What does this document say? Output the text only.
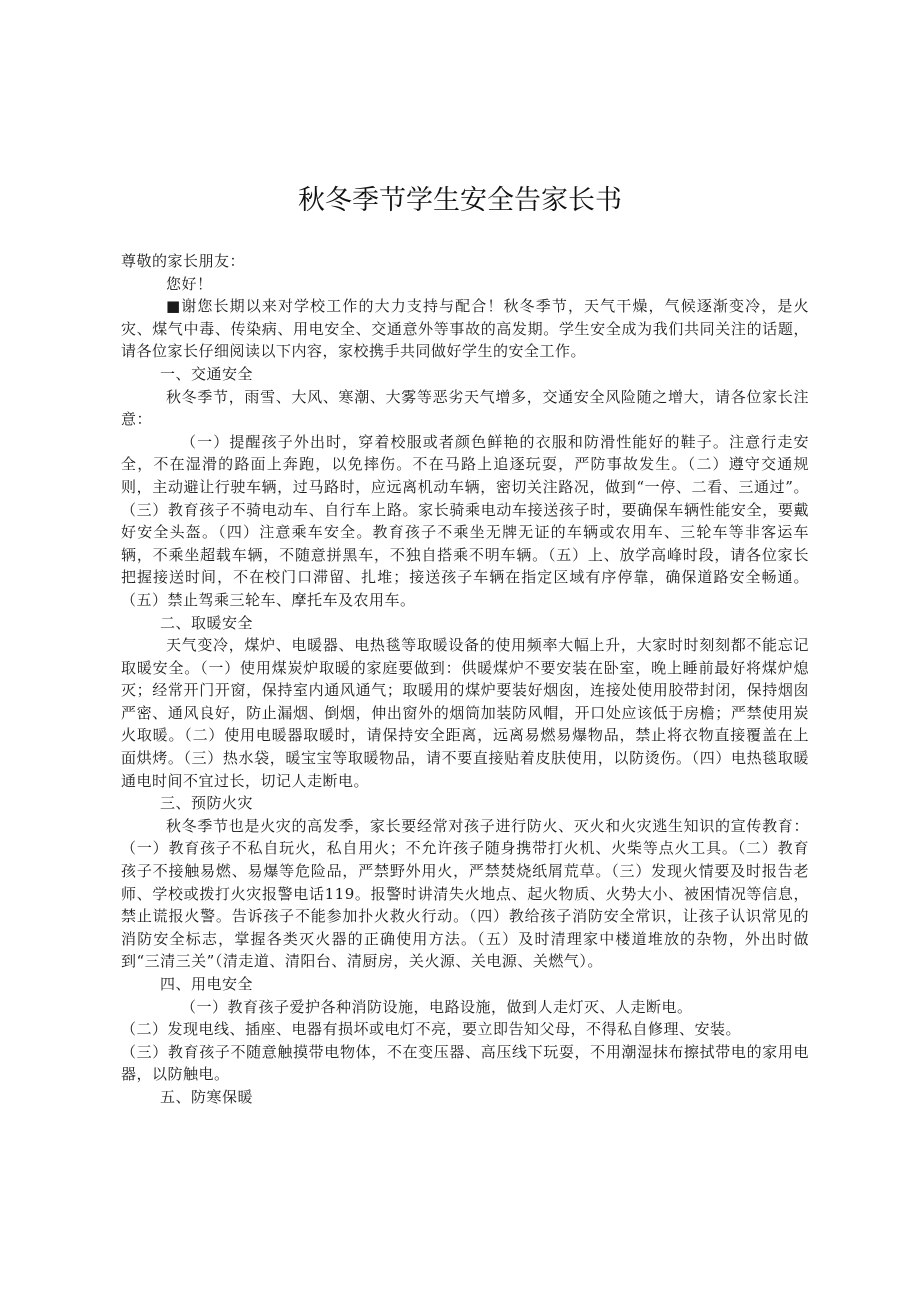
秋冬季节学生安全告家长书

尊敬的家长朋友：

您好！

■谢您长期以来对学校工作的大力支持与配合！秋冬季节，天气干燥，气候逐渐变冷，是火灾、煤气中毒、传染病、用电安全、交通意外等事故的高发期。学生安全成为我们共同关注的话题，请各位家长仔细阅读以下内容，家校携手共同做好学生的安全工作。

一、交通安全

秋冬季节，雨雪、大风、寒潮、大雾等恶劣天气增多，交通安全风险随之增大，请各位家长注意：

（一）提醒孩子外出时，穿着校服或者颜色鲜艳的衣服和防滑性能好的鞋子。注意行走安全，不在湿滑的路面上奔跑，以免摔伤。不在马路上追逐玩耍，严防事故发生。（二）遵守交通规则，主动避让行驶车辆，过马路时，应远离机动车辆，密切关注路况，做到“一停、二看、三通过”。（三）教育孩子不骑电动车、自行车上路。家长骑乘电动车接送孩子时，要确保车辆性能安全，要戴好安全头盔。（四）注意乘车安全。教育孩子不乘坐无牌无证的车辆或农用车、三轮车等非客运车辆，不乘坐超载车辆，不随意拼黑车，不独自搭乘不明车辆。（五）上、放学高峰时段，请各位家长把握接送时间，不在校门口滞留、扎堆；接送孩子车辆在指定区域有序停靠，确保道路安全畅通。（五）禁止驾乘三轮车、摩托车及农用车。

二、取暖安全

天气变冷，煤炉、电暖器、电热毯等取暖设备的使用频率大幅上升，大家时时刻刻都不能忘记取暖安全。（一）使用煤炭炉取暖的家庭要做到：供暖煤炉不要安装在卧室，晚上睡前最好将煤炉熄灭；经常开门开窗，保持室内通风通气；取暖用的煤炉要装好烟囱，连接处使用胶带封闭，保持烟囱严密、通风良好，防止漏烟、倒烟，伸出窗外的烟筒加装防风帽，开口处应该低于房檐；严禁使用炭火取暖。（二）使用电暖器取暖时，请保持安全距离，远离易燃易爆物品，禁止将衣物直接覆盖在上面烘烤。（三）热水袋，暖宝宝等取暖物品，请不要直接贴着皮肤使用，以防烫伤。（四）电热毯取暖通电时间不宜过长，切记人走断电。

三、预防火灾

秋冬季节也是火灾的高发季，家长要经常对孩子进行防火、灭火和火灾逃生知识的宣传教育：（一）教育孩子不私自玩火，私自用火；不允许孩子随身携带打火机、火柴等点火工具。（二）教育孩子不接触易燃、易爆等危险品，严禁野外用火，严禁焚烧纸屑荒草。（三）发现火情要及时报告老师、学校或拨打火灾报警电话119。报警时讲清失火地点、起火物质、火势大小、被困情况等信息，禁止谎报火警。告诉孩子不能参加扑火救火行动。（四）教给孩子消防安全常识，让孩子认识常见的消防安全标志，掌握各类灭火器的正确使用方法。（五）及时清理家中楼道堆放的杂物，外出时做到“三清三关”（清走道、清阳台、清厨房，关火源、关电源、关燃气）。

四、用电安全

（一）教育孩子爱护各种消防设施，电路设施，做到人走灯灭、人走断电。

（二）发现电线、插座、电器有损坏或电灯不亮，要立即告知父母，不得私自修理、安装。

（三）教育孩子不随意触摸带电物体，不在变压器、高压线下玩耍，不用潮湿抹布擦拭带电的家用电器，以防触电。

五、防寒保暖
